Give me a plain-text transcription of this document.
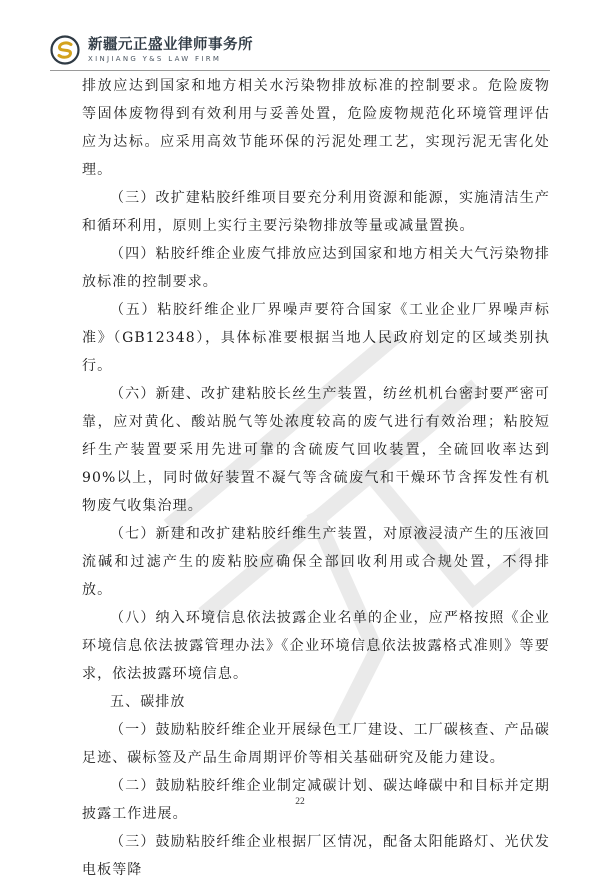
新疆元正盛业律师事务所
XINJIANG Y&S LAW FIRM

排放应达到国家和地方相关水污染物排放标准的控制要求。危险废物等固体废物得到有效利用与妥善处置，危险废物规范化环境管理评估应为达标。应采用高效节能环保的污泥处理工艺，实现污泥无害化处理。

（三）改扩建粘胶纤维项目要充分利用资源和能源，实施清洁生产和循环利用，原则上实行主要污染物排放等量或减量置换。

（四）粘胶纤维企业废气排放应达到国家和地方相关大气污染物排放标准的控制要求。

（五）粘胶纤维企业厂界噪声要符合国家《工业企业厂界噪声标准》（GB12348），具体标准要根据当地人民政府划定的区域类别执行。

（六）新建、改扩建粘胶长丝生产装置，纺丝机机台密封要严密可靠，应对黄化、酸站脱气等处浓度较高的废气进行有效治理；粘胶短纤生产装置要采用先进可靠的含硫废气回收装置，全硫回收率达到90%以上，同时做好装置不凝气等含硫废气和干燥环节含挥发性有机物废气收集治理。

（七）新建和改扩建粘胶纤维生产装置，对原液浸渍产生的压液回流碱和过滤产生的废粘胶应确保全部回收利用或合规处置，不得排放。

（八）纳入环境信息依法披露企业名单的企业，应严格按照《企业环境信息依法披露管理办法》《企业环境信息依法披露格式准则》等要求，依法披露环境信息。

五、碳排放

（一）鼓励粘胶纤维企业开展绿色工厂建设、工厂碳核查、产品碳足迹、碳标签及产品生命周期评价等相关基础研究及能力建设。

（二）鼓励粘胶纤维企业制定减碳计划、碳达峰碳中和目标并定期披露工作进展。

（三）鼓励粘胶纤维企业根据厂区情况，配备太阳能路灯、光伏发电板等降

22
